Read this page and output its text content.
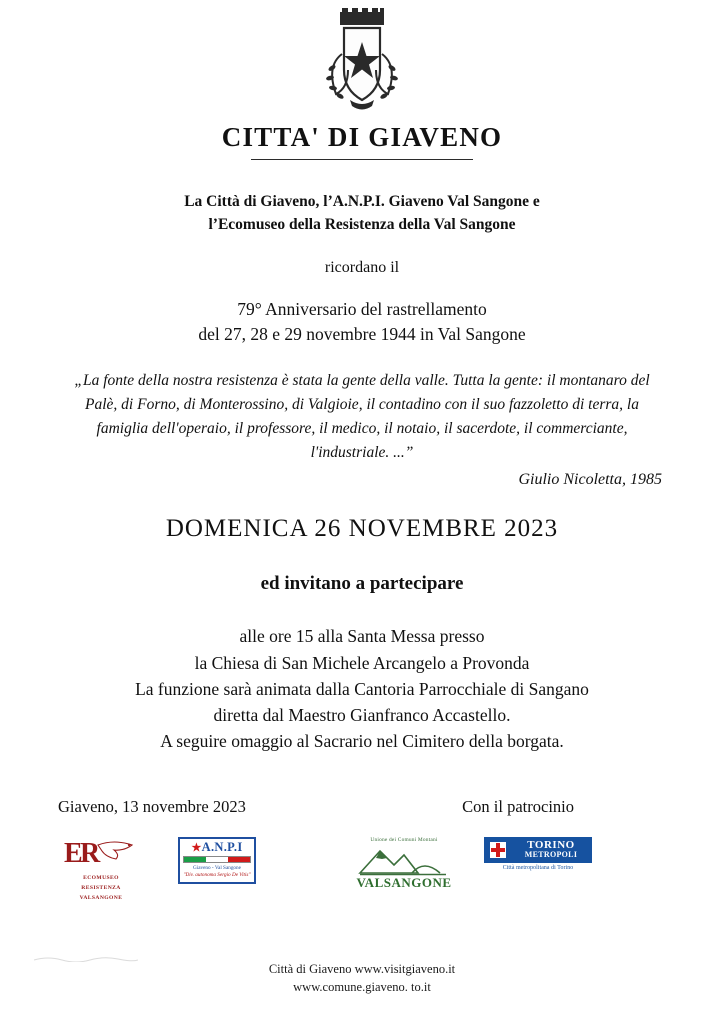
CITTA' DI GIAVENO
La Città di Giaveno, l’A.N.P.I. Giaveno Val Sangone e
l’Ecomuseo della Resistenza della Val Sangone
ricordano il
79° Anniversario del rastrellamento
del 27, 28 e 29 novembre 1944 in Val Sangone
„La fonte della nostra resistenza è stata la gente della valle. Tutta la gente: il montanaro del Palè, di Forno, di Monterossino, di Valgioie, il contadino con il suo fazzoletto di terra, la famiglia dell'operaio, il professore, il medico, il notaio, il sacerdote, il commerciante, l'industriale. ...”
Giulio Nicoletta, 1985
DOMENICA 26 NOVEMBRE 2023
ed invitano a partecipare
alle ore 15 alla Santa Messa presso
la Chiesa di San Michele Arcangelo a Provonda
La funzione sarà animata dalla Cantoria Parrocchiale di Sangano
diretta dal Maestro Gianfranco Accastello.
A seguire omaggio al Sacrario nel Cimitero della borgata.
Giaveno, 13 novembre 2023	Con il patrocinio
E
R
ECOMUSEO
RESISTENZA
VALSANGONE
★A.N.P.I
Giaveno - Val Sangone
"Div. autonoma Sergio De Vitis"
Unione dei Comuni Montani
VALSANGONE
TORINO
METROPOLI
Città metropolitana di Torino
Città di Giaveno www.visitgiaveno.it
www.comune.giaveno. to.it
